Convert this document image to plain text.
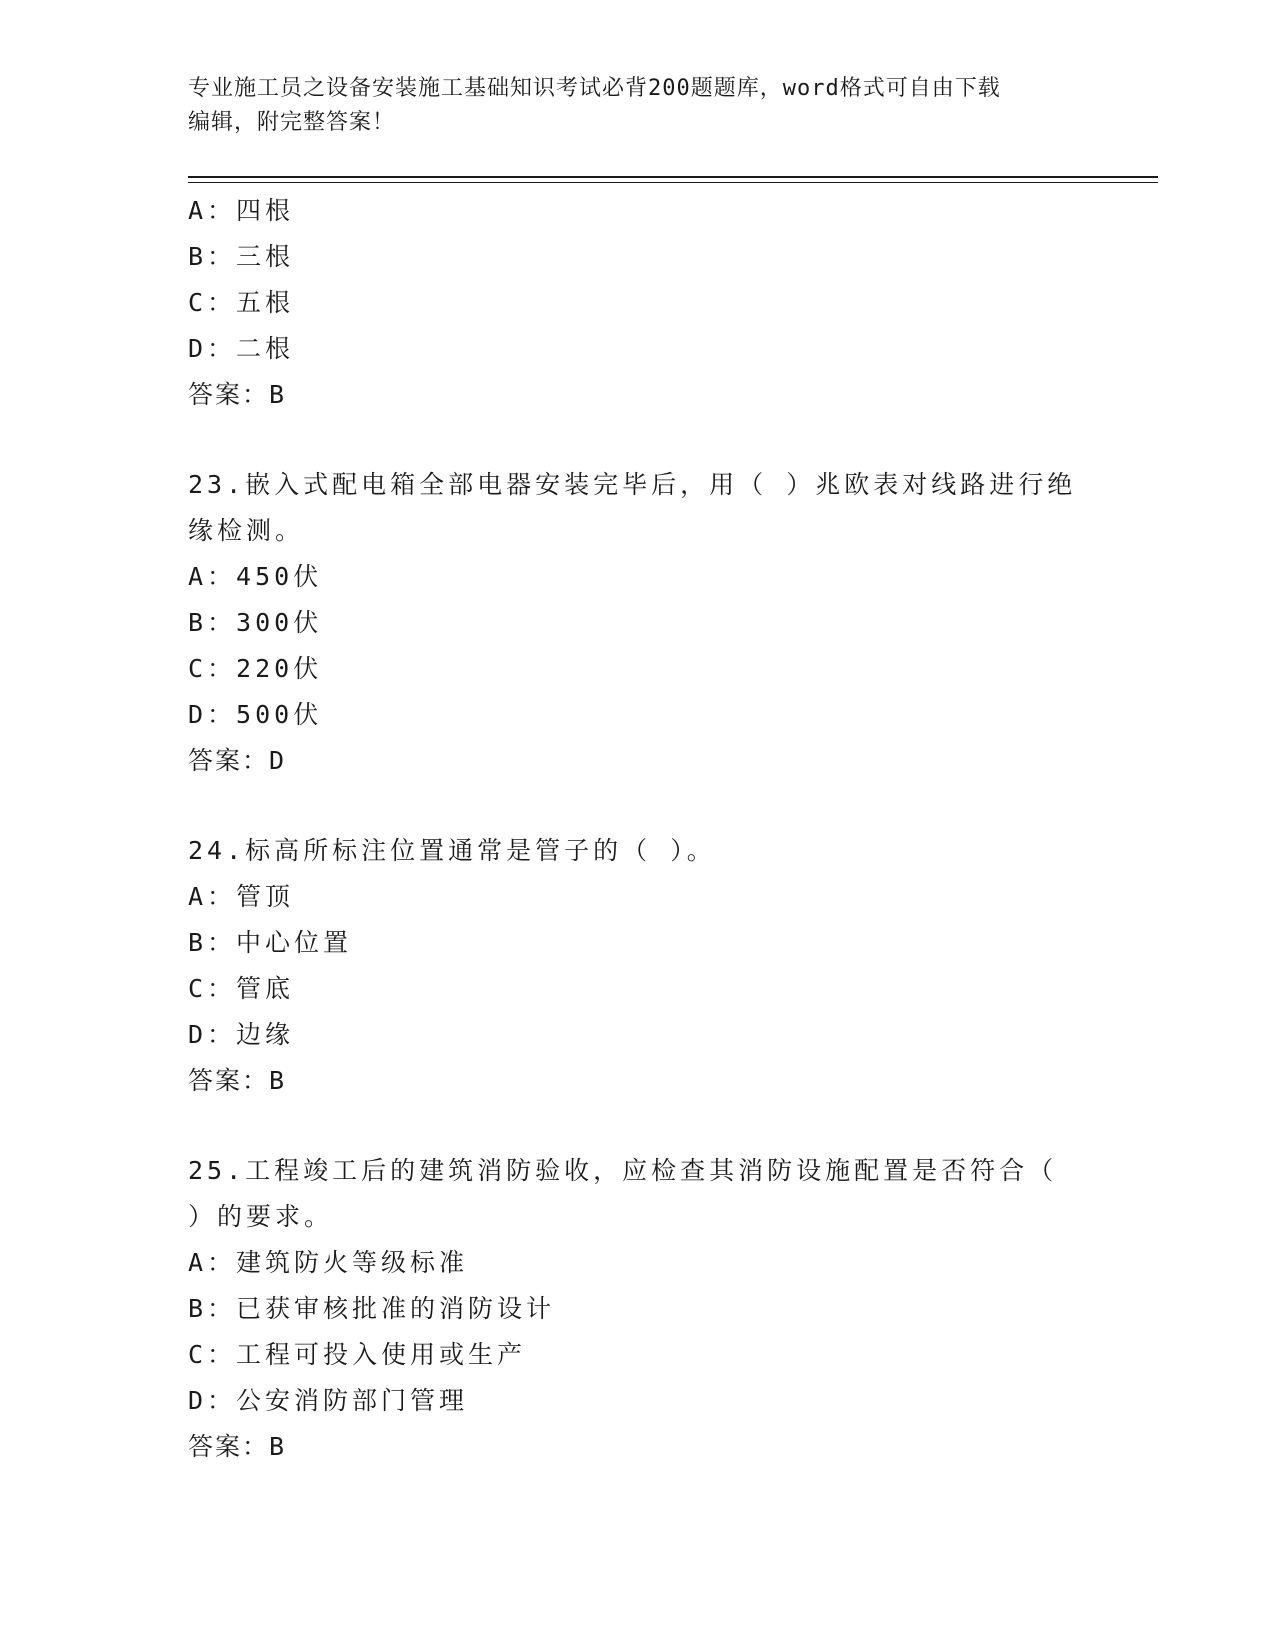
专业施工员之设备安装施工基础知识考试必背200题题库，word格式可自由下载
编辑，附完整答案！
A：四根
B：三根
C：五根
D：二根
答案：B
23.嵌入式配电箱全部电器安装完毕后，用（ ）兆欧表对线路进行绝
缘检测。
A：450伏
B：300伏
C：220伏
D：500伏
答案：D
24.标高所标注位置通常是管子的（ ）。
A：管顶
B：中心位置
C：管底
D：边缘
答案：B
25.工程竣工后的建筑消防验收，应检查其消防设施配置是否符合（
）的要求。
A：建筑防火等级标准
B：已获审核批准的消防设计
C：工程可投入使用或生产
D：公安消防部门管理
答案：B
